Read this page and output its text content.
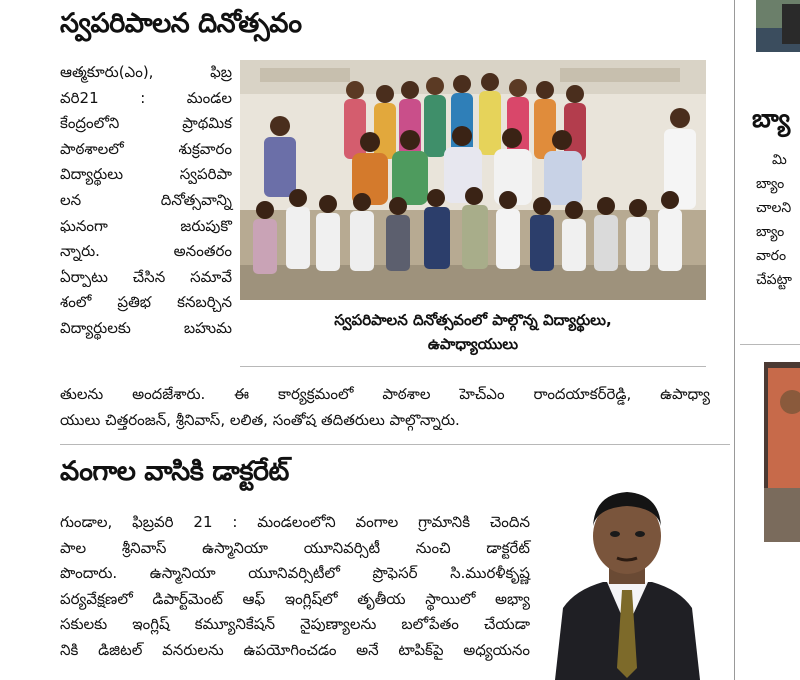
స్వపరిపాలన దినోత్సవం
ఆత్మకూరు(ఎం), ఫిబ్ర
వరి21 : మండల
కేంద్రంలోని ప్రాథమిక
పాఠశాలలో శుక్రవారం
విద్యార్థులు స్వపరిపా
లన దినోత్సవాన్ని
ఘనంగా జరుపుకొ
న్నారు. అనంతరం
ఏర్పాటు చేసిన సమావే
శంలో ప్రతిభ కనబర్చిన
విద్యార్థులకు బహుమ	స్వపరిపాలన దినోత్సవంలో పాల్గొన్న విద్యార్థులు,
ఉపాధ్యాయులు
తులను అందజేశారు. ఈ కార్యక్రమంలో పాఠశాల హెచ్ఎం రాందయాకర్‌రెడ్డి, ఉపాధ్యా
యులు చిత్తరంజన్, శ్రీనివాస్, లలిత, సంతోష తదితరులు పాల్గొన్నారు.
వంగాల వాసికి డాక్టరేట్
గుండాల, ఫిబ్రవరి 21 : మండలంలోని వంగాల గ్రామానికి చెందిన
పాల శ్రీనివాస్ ఉస్మానియా యూనివర్సిటీ నుంచి డాక్టరేట్
పొందారు. ఉస్మానియా యూనివర్సిటీలో ప్రొఫెసర్ సి.మురళీకృష్ణ
పర్యవేక్షణలో డిపార్ట్‌మెంట్ ఆఫ్ ఇంగ్లిష్‌లో తృతీయ స్థాయిలో అభ్యా
సకులకు ఇంగ్లిష్ కమ్యూనికేషన్ నైపుణ్యాలను బలోపేతం చేయడా
నికి డిజిటల్ వనరులను ఉపయోగించడం అనే టాపిక్‌పై అధ్యయనం
బ్యా
మి
బ్యాం
చాలని
బ్యాం
వారం
చేపట్టా
